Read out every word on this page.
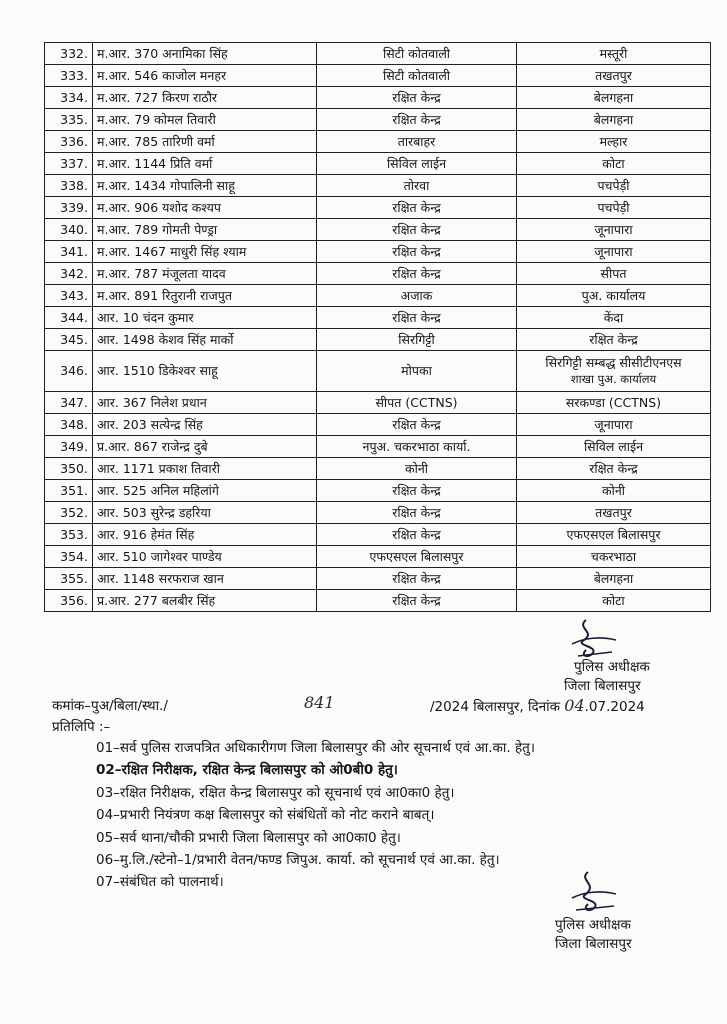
332.	म.आर. 370 अनामिका सिंह	सिटी कोतवाली	मस्तूरी

333.	म.आर. 546 काजोल मनहर	सिटी कोतवाली	तखतपुर

334.	म.आर. 727 किरण राठौर	रक्षित केन्द्र	बेलगहना

335.	म.आर. 79 कोमल तिवारी	रक्षित केन्द्र	बेलगहना

336.	म.आर. 785 तारिणी वर्मा	तारबाहर	मल्हार

337.	म.आर. 1144 प्रिति वर्मा	सिविल लाईन	कोटा

338.	म.आर. 1434 गोपालिनी साहू	तोरवा	पचपेड़ी

339.	म.आर. 906 यशोद कश्यप	रक्षित केन्द्र	पचपेड़ी

340.	म.आर. 789 गोमती पेण्ड्रा	रक्षित केन्द्र	जूनापारा

341.	म.आर. 1467 माधुरी सिंह श्याम	रक्षित केन्द्र	जूनापारा

342.	म.आर. 787 मंजूलता यादव	रक्षित केन्द्र	सीपत

343.	म.आर. 891 रितुरानी राजपुत	अजाक	पुअ. कार्यालय

344.	आर. 10 चंदन कुमार	रक्षित केन्द्र	केंदा

345.	आर. 1498 केशव सिंह मार्को	सिरगिट्टी	रक्षित केन्द्र

346.	आर. 1510 डिकेश्वर साहू	मोपका	सिरगिट्टी सम्बद्ध सीसीटीएनएस
शाखा पुअ. कार्यालय

347.	आर. 367 निलेश प्रधान	सीपत (CCTNS)	सरकण्डा (CCTNS)

348.	आर. 203 सत्येन्द्र सिंह	रक्षित केन्द्र	जूनापारा

349.	प्र.आर. 867 राजेन्द्र दुबे	नपुअ. चकरभाठा कार्या.	सिविल लाईन

350.	आर. 1171 प्रकाश तिवारी	कोनी	रक्षित केन्द्र

351.	आर. 525 अनिल महिलांगे	रक्षित केन्द्र	कोनी

352.	आर. 503 सुरेन्द्र डहरिया	रक्षित केन्द्र	तखतपुर

353.	आर. 916 हेमंत सिंह	रक्षित केन्द्र	एफएसएल बिलासपुर

354.	आर. 510 जागेश्वर पाण्डेय	एफएसएल बिलासपुर	चकरभाठा

355.	आर. 1148 सरफराज खान	रक्षित केन्द्र	बेलगहना

356.	प्र.आर. 277 बलबीर सिंह	रक्षित केन्द्र	कोटा
पुलिस अधीक्षक
जिला बिलासपुर
कमांक–पुअ/बिला/स्था./	841	/2024 बिलासपुर, दिनांक 04.07.2024
प्रतिलिपि :–
01–सर्व पुलिस राजपत्रित अधिकारीगण जिला बिलासपुर की ओर सूचनार्थ एवं आ.का. हेतु।
02–रक्षित निरीक्षक, रक्षित केन्द्र बिलासपुर को ओ0बी0 हेतु।
03–रक्षित निरीक्षक, रक्षित केन्द्र बिलासपुर को सूचनार्थ एवं आ0का0 हेतु।
04–प्रभारी नियंत्रण कक्ष बिलासपुर को संबंधितों को नोट कराने बाबत्।
05–सर्व थाना/चौकी प्रभारी जिला बिलासपुर को आ0का0 हेतु।
06–मु.लि./स्टेनो–1/प्रभारी वेतन/फण्ड जिपुअ. कार्या. को सूचनार्थ एवं आ.का. हेतु।
07–संबंधित को पालनार्थ।
पुलिस अधीक्षक
जिला बिलासपुर
